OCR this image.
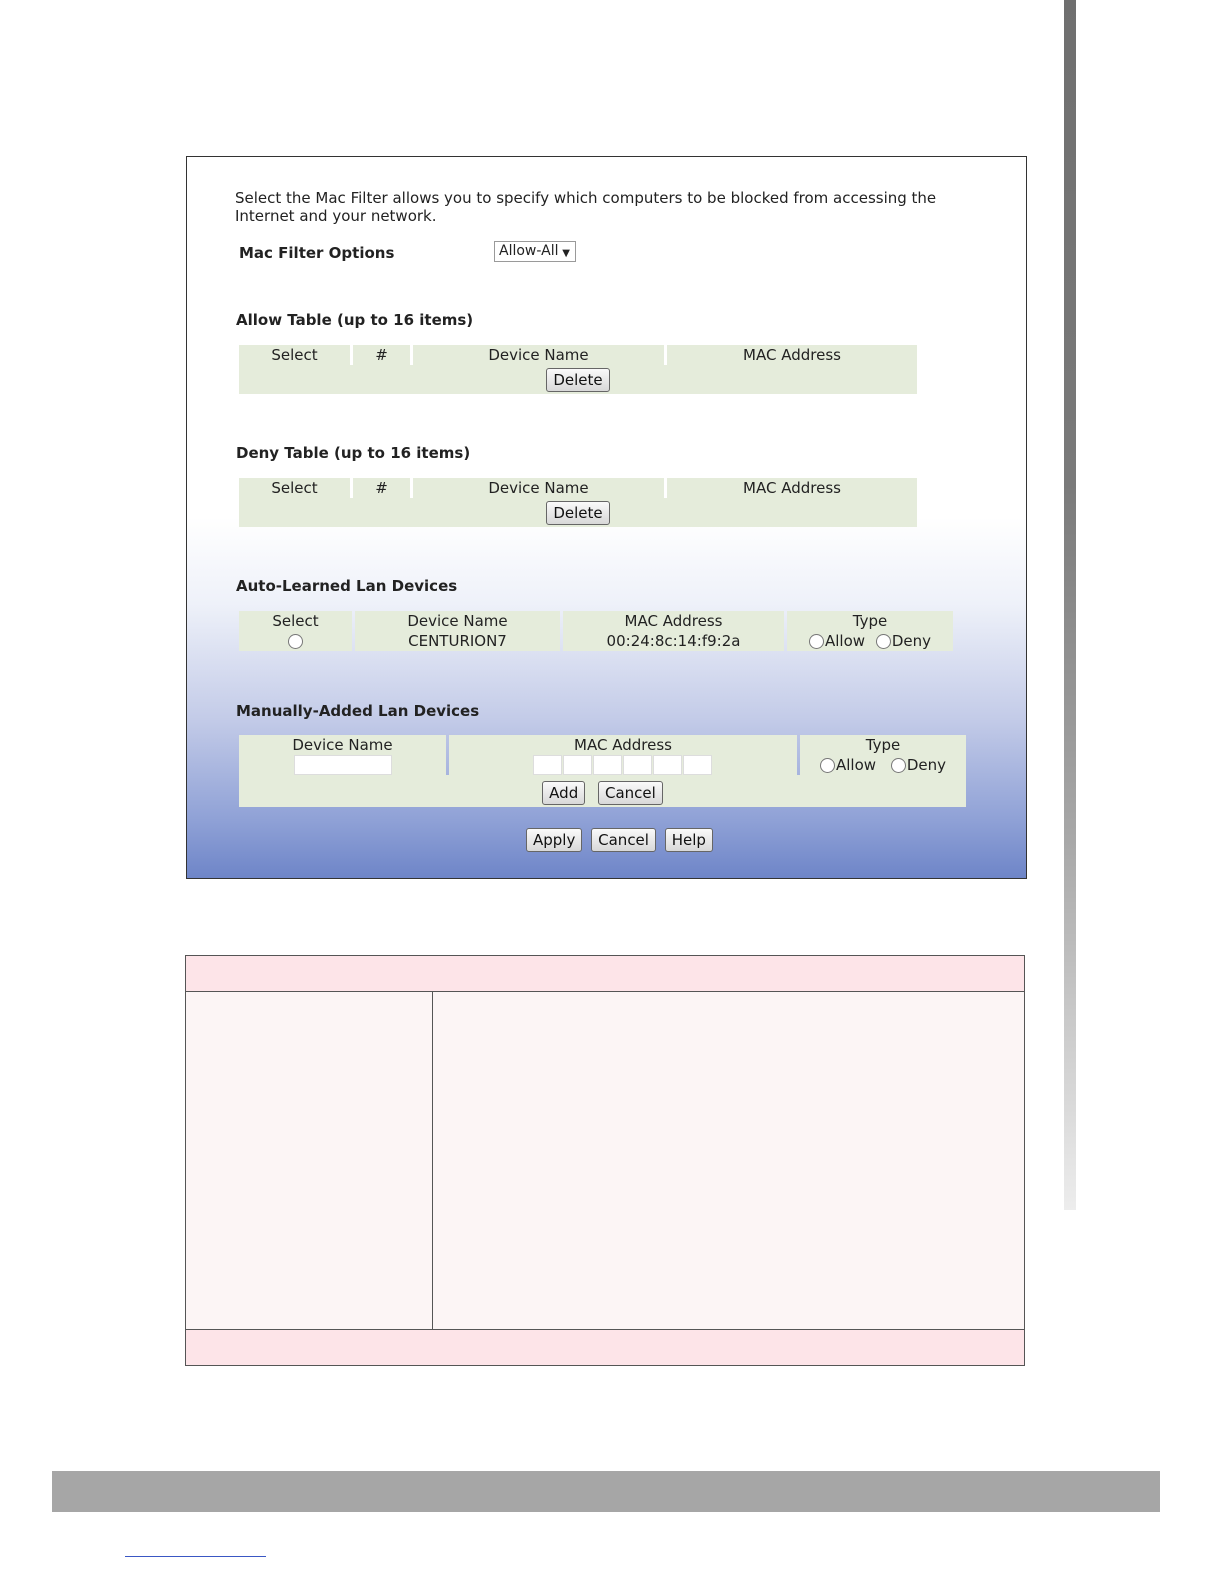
Select the Mac Filter allows you to specify which computers to be blocked from accessing the Internet and your network.
Mac Filter Options	Allow-All ▼
Allow Table (up to 16 items)
Select	#	Device Name	MAC Address
Delete
Deny Table (up to 16 items)
Select	#	Device Name	MAC Address
Delete
Auto-Learned Lan Devices
Select	Device Name	MAC Address	Type
	CENTURION7	00:24:8c:14:f9:2a	Allow Deny
Manually-Added Lan Devices
Device Name	MAC Address	Type
		Allow Deny
Add Cancel		
Apply Cancel Help
